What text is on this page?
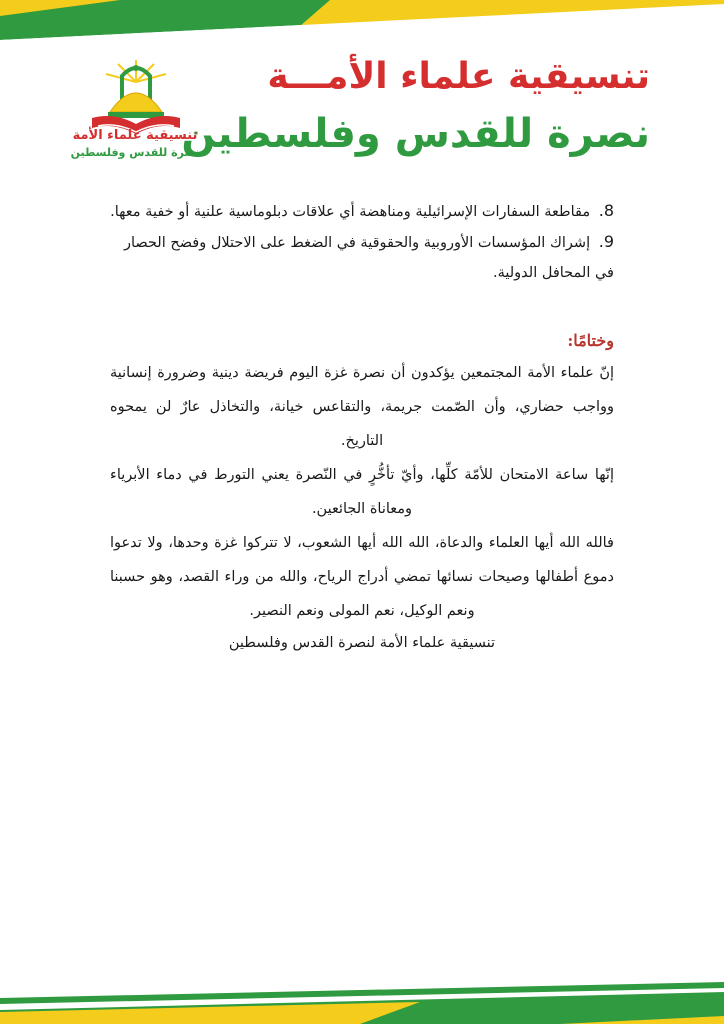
تنسيقية علماء الأمـــة
نصرة للقدس وفلسطين
تنسيقية علماء الأمة
نصرة للقدس وفلسطين
8. مقاطعة السفارات الإسرائيلية ومناهضة أي علاقات دبلوماسية علنية أو خفية معها.
9. إشراك المؤسسات الأوروبية والحقوقية في الضغط على الاحتلال وفضح الحصار في المحافل الدولية.
وختامًا:
إنّ علماء الأمة المجتمعين يؤكدون أن نصرة غزة اليوم فريضة دينية وضرورة إنسانية وواجب حضاري، وأن الصّمت جريمة، والتقاعس خيانة، والتخاذل عارٌ لن يمحوه التاريخ.
إنّها ساعة الامتحان للأمّة كلِّها، وأيّ تأخُّرٍ في النّصرة يعني التورط في دماء الأبرياء ومعاناة الجائعين.
فالله الله أيها العلماء والدعاة، الله الله أيها الشعوب، لا تتركوا غزة وحدها، ولا تدعوا دموع أطفالها وصيحات نسائها تمضي أدراج الرياح، والله من وراء القصد، وهو حسبنا ونعم الوكيل، نعم المولى ونعم النصير.
تنسيقية علماء الأمة لنصرة القدس وفلسطين
